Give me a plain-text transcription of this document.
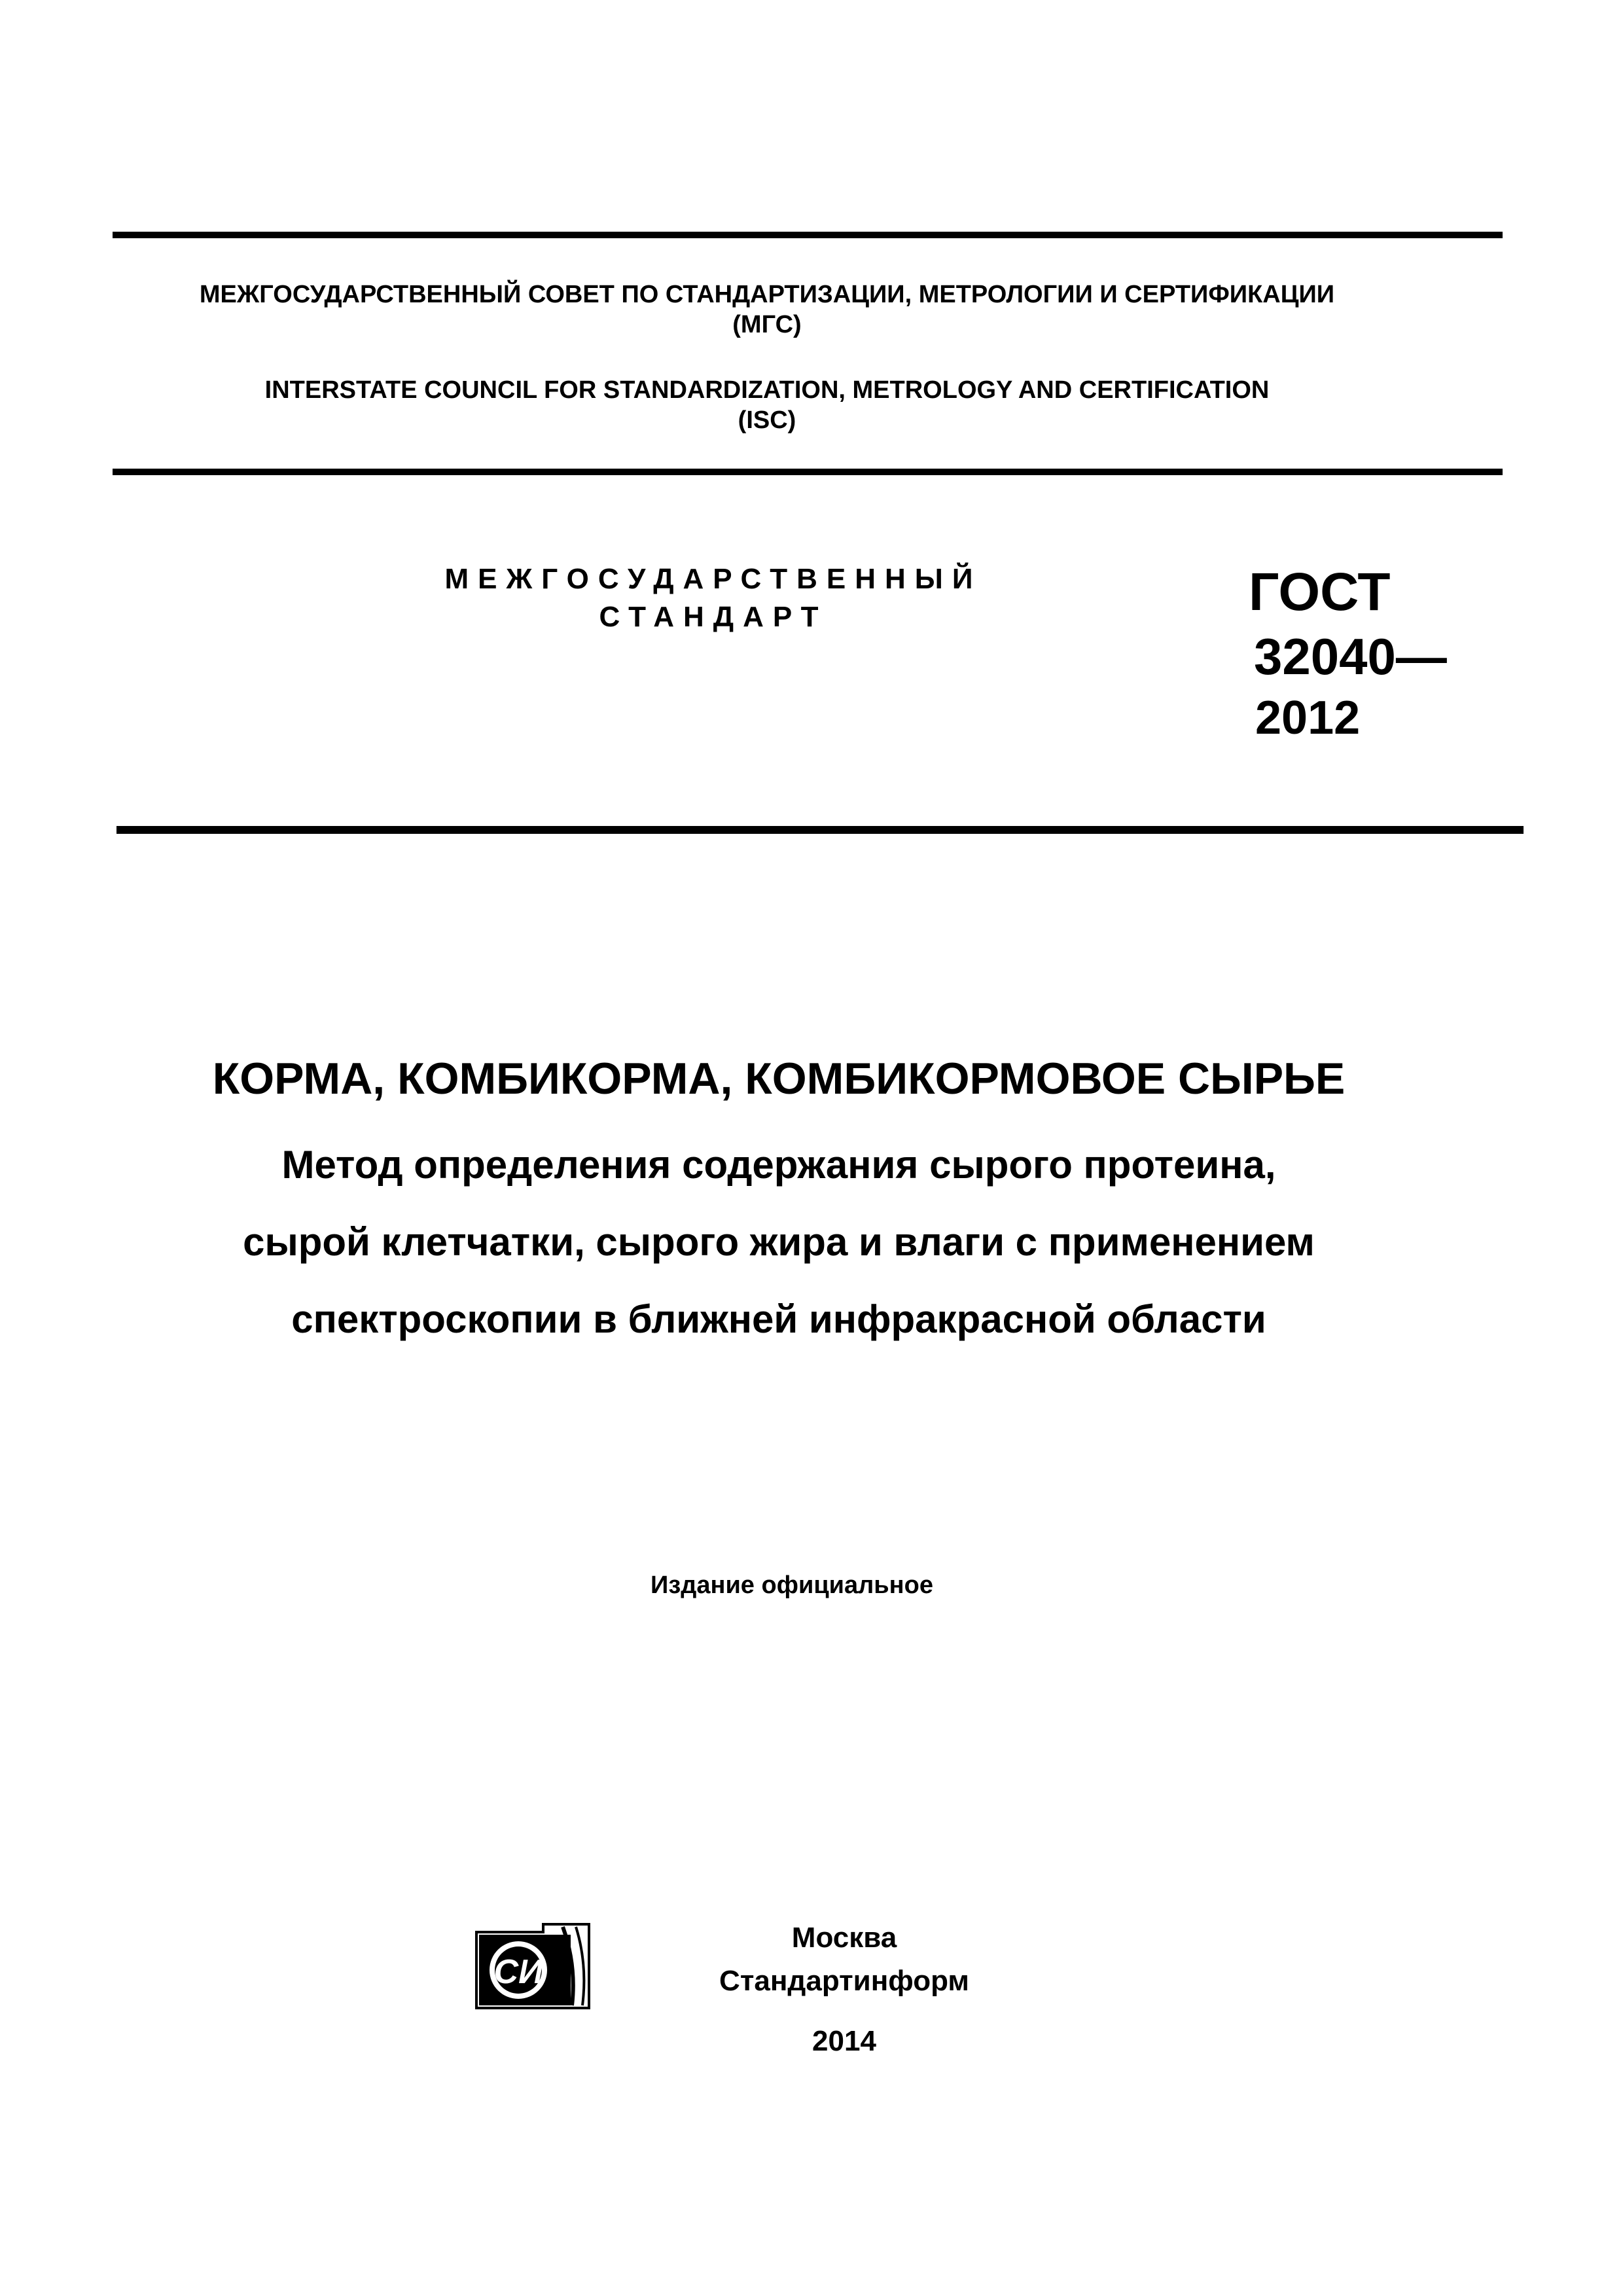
МЕЖГОСУДАРСТВЕННЫЙ СОВЕТ ПО СТАНДАРТИЗАЦИИ, МЕТРОЛОГИИ И СЕРТИФИКАЦИИ
(МГС)
INTERSTATE COUNCIL FOR STANDARDIZATION, METROLOGY AND CERTIFICATION
(ISC)
МЕЖГОСУДАРСТВЕННЫЙ
СТАНДАРТ	ГОСТ
32040—
2012
КОРМА, КОМБИКОРМА, КОМБИКОРМОВОЕ СЫРЬЕ
Метод определения содержания сырого протеина,
сырой клетчатки, сырого жира и влаги с применением
спектроскопии в ближней инфракрасной области
Издание официальное
СИ
Москва
Стандартинформ
2014
